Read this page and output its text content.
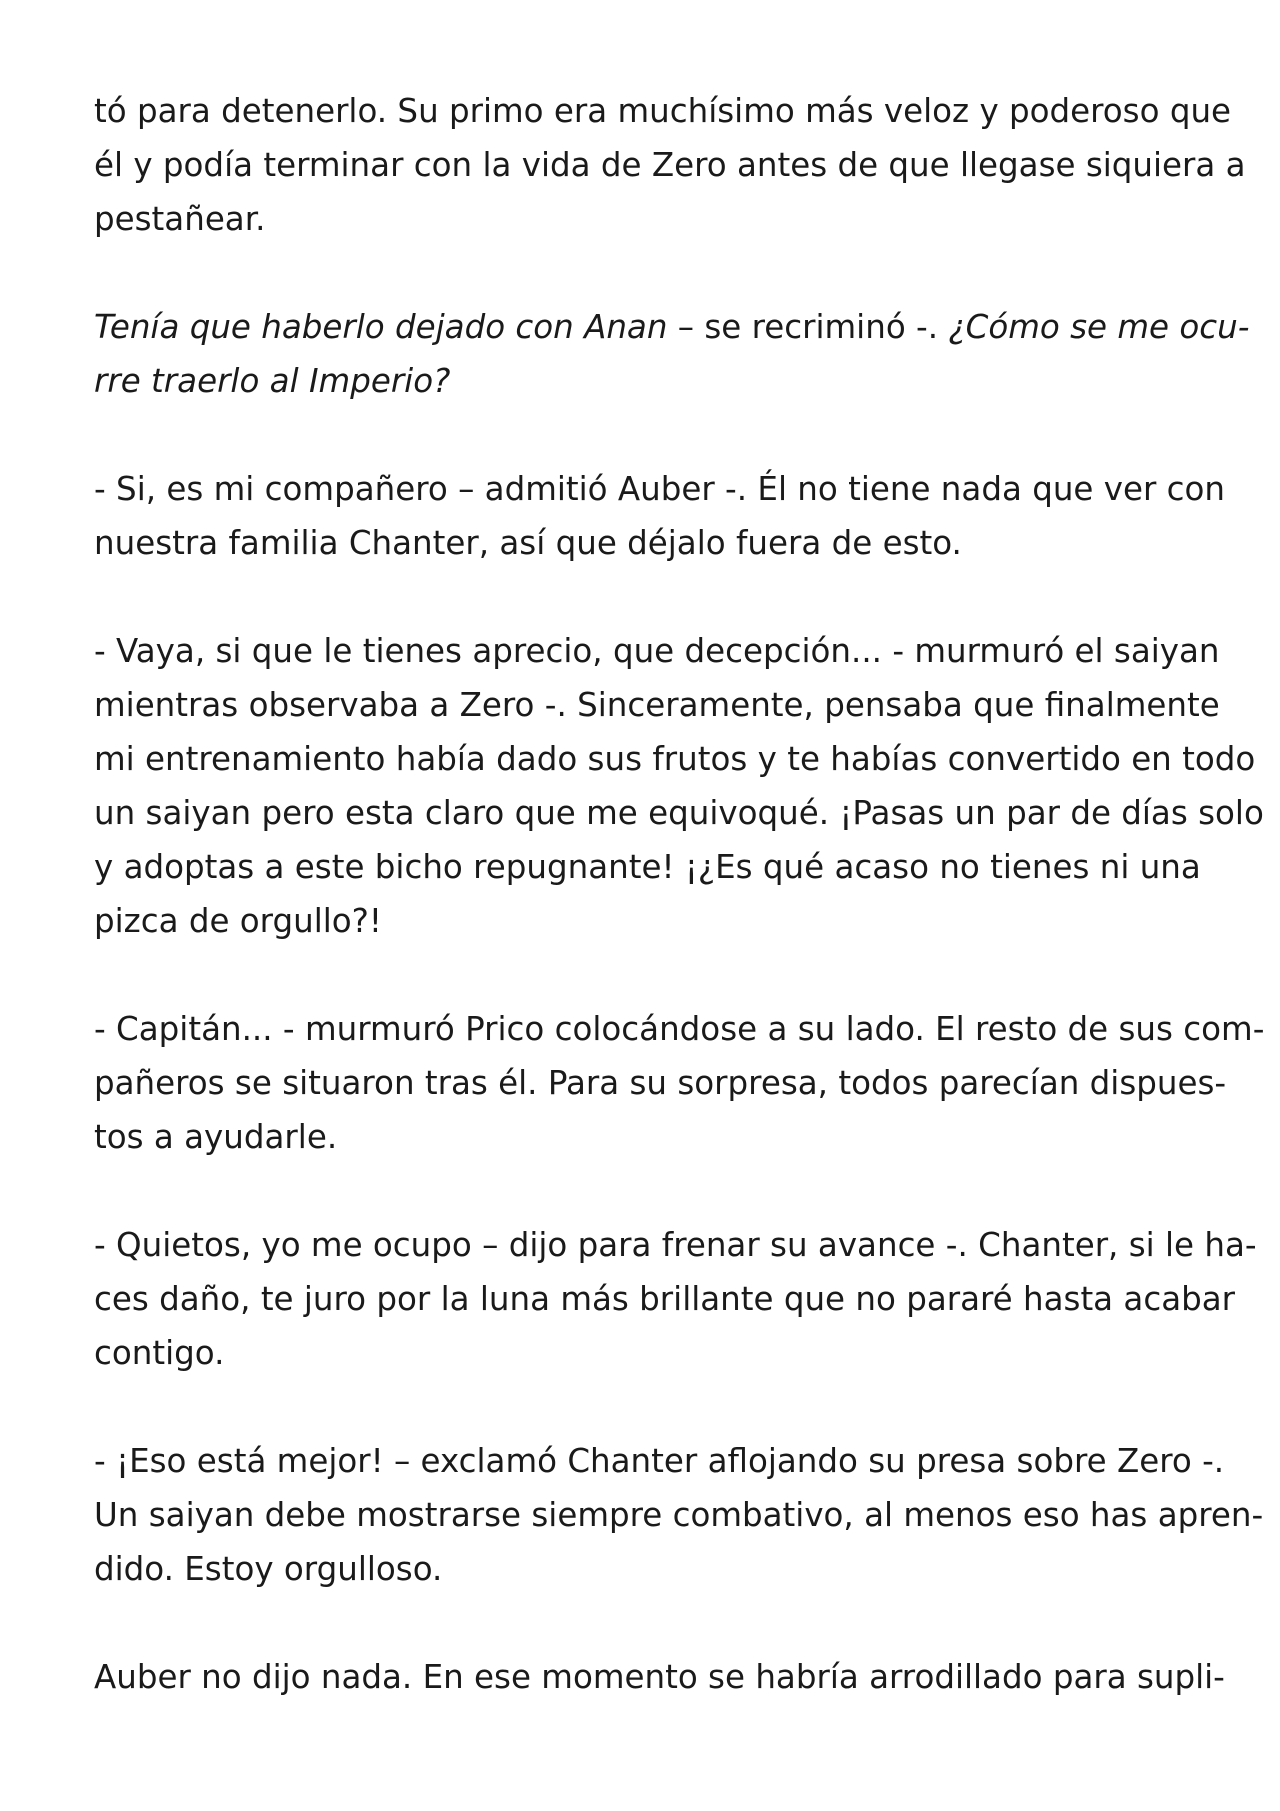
tó para detenerlo. Su primo era muchísimo más veloz y poderoso que
él y podía terminar con la vida de Zero antes de que llegase siquiera a
pestañear.

Tenía que haberlo dejado con Anan – se recriminó -. ¿Cómo se me ocu-
rre traerlo al Imperio?

- Si, es mi compañero – admitió Auber -. Él no tiene nada que ver con
nuestra familia Chanter, así que déjalo fuera de esto.

- Vaya, si que le tienes aprecio, que decepción... - murmuró el saiyan
mientras observaba a Zero -. Sinceramente, pensaba que finalmente
mi entrenamiento había dado sus frutos y te habías convertido en todo
un saiyan pero esta claro que me equivoqué. ¡Pasas un par de días solo
y adoptas a este bicho repugnante! ¡¿Es qué acaso no tienes ni una
pizca de orgullo?!

- Capitán... - murmuró Prico colocándose a su lado. El resto de sus com-
pañeros se situaron tras él. Para su sorpresa, todos parecían dispues-
tos a ayudarle.

- Quietos, yo me ocupo – dijo para frenar su avance -. Chanter, si le ha-
ces daño, te juro por la luna más brillante que no pararé hasta acabar
contigo.

- ¡Eso está mejor! – exclamó Chanter aflojando su presa sobre Zero -.
Un saiyan debe mostrarse siempre combativo, al menos eso has apren-
dido. Estoy orgulloso.

Auber no dijo nada. En ese momento se habría arrodillado para supli-
